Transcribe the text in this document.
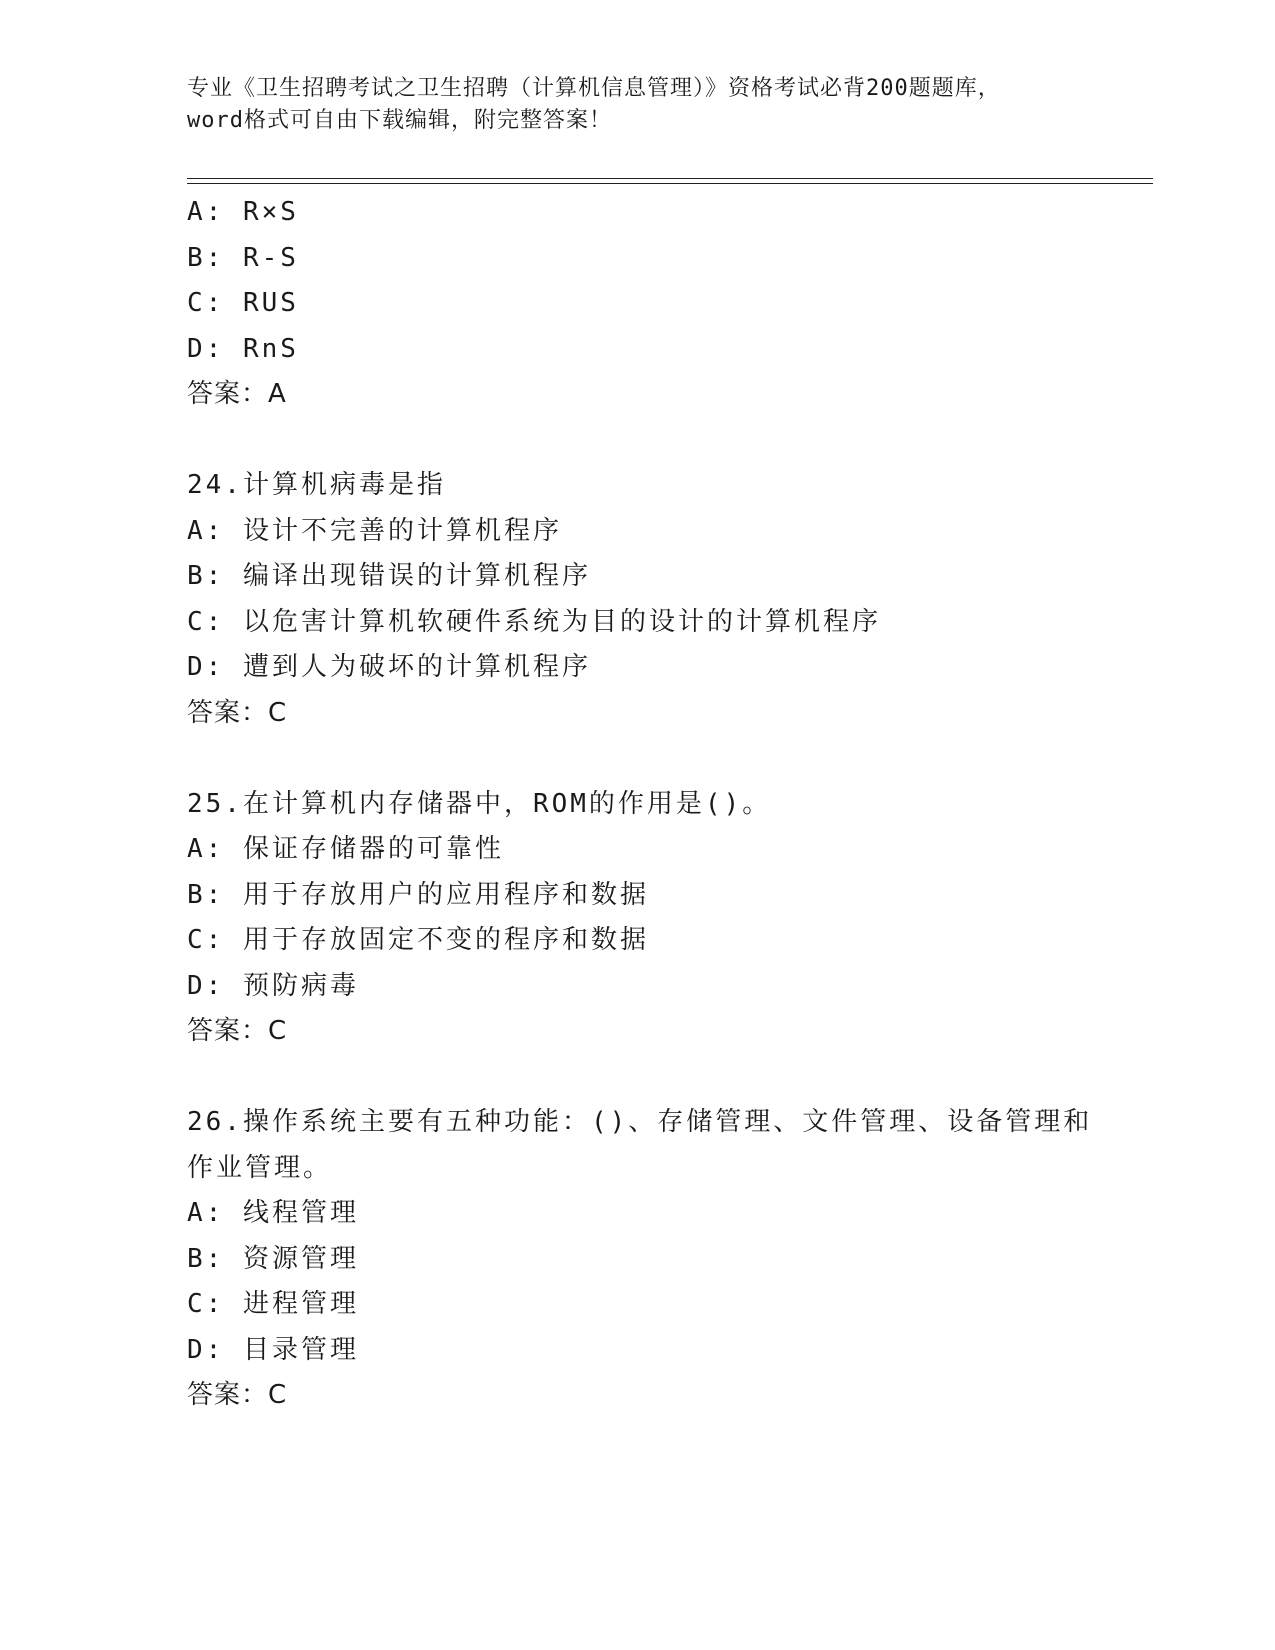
专业《卫生招聘考试之卫生招聘（计算机信息管理）》资格考试必背200题题库，
word格式可自由下载编辑，附完整答案！
A: R×S
B: R-S
C: RUS
D: RnS
答案：A
24.计算机病毒是指
A: 设计不完善的计算机程序
B: 编译出现错误的计算机程序
C: 以危害计算机软硬件系统为目的设计的计算机程序
D: 遭到人为破坏的计算机程序
答案：C
25.在计算机内存储器中，ROM的作用是()。
A: 保证存储器的可靠性
B: 用于存放用户的应用程序和数据
C: 用于存放固定不变的程序和数据
D: 预防病毒
答案：C
26.操作系统主要有五种功能：()、存储管理、文件管理、设备管理和
作业管理。
A: 线程管理
B: 资源管理
C: 进程管理
D: 目录管理
答案：C
